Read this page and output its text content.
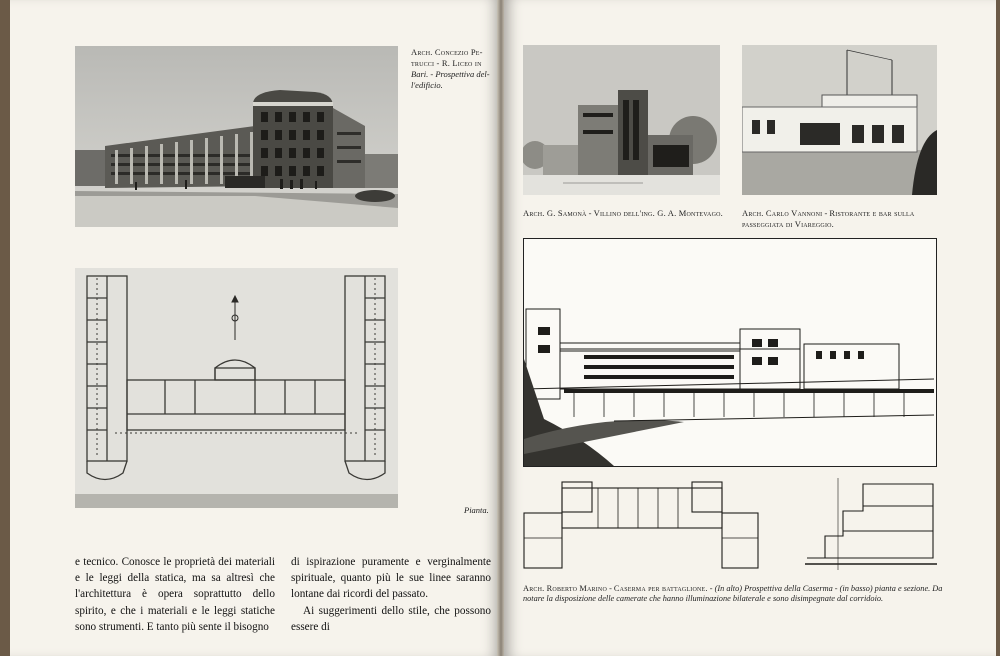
Arch. Concezio Pe-
trucci - R. Liceo in
Bari. - Prospettiva del-
l'edificio.
Pianta.
e tecnico. Conosce le proprietà dei materiali e le leggi della statica, ma sa altresì che l'architettura è opera soprattutto dello spirito, e che i materiali e le leggi statiche sono strumenti. E tanto più sente il bisogno
di ispirazione puramente e verginalmente spirituale, quanto più le sue linee saranno lontane dai ricordi del passato.

Ai suggerimenti dello stile, che possono essere di
Arch. G. Samonà - Villino dell'ing. G. A. Montevago. Arch. Carlo Vannoni - Ristorante e bar sulla passeggiata di Viareggio.
Arch. Roberto Marino - Caserma per battaglione. - (In alto) Prospettiva della Caserma - (in basso) pianta e sezione. Da notare la disposizione delle camerate che hanno illuminazione bilaterale e sono disimpegnate dal corridoio.
